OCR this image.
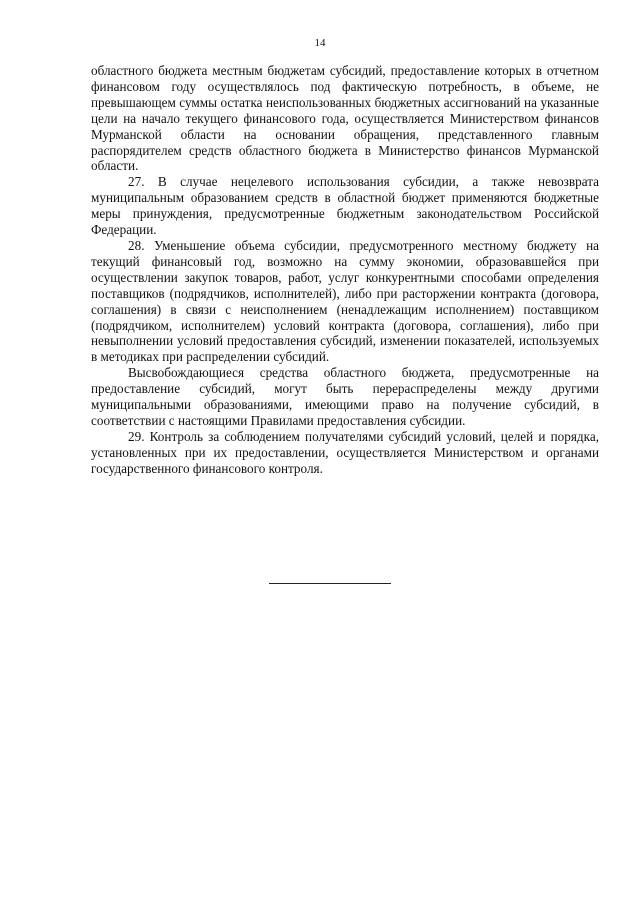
14

областного бюджета местным бюджетам субсидий, предоставление которых в отчетном финансовом году осуществлялось под фактическую потребность, в объеме, не превышающем суммы остатка неиспользованных бюджетных ассигнований на указанные цели на начало текущего финансового года, осуществляется Министерством финансов Мурманской области на основании обращения, представленного главным распорядителем средств областного бюджета в Министерство финансов Мурманской области.

27. В случае нецелевого использования субсидии, а также невозврата муниципальным образованием средств в областной бюджет применяются бюджетные меры принуждения, предусмотренные бюджетным законодательством Российской Федерации.

28. Уменьшение объема субсидии, предусмотренного местному бюджету на текущий финансовый год, возможно на сумму экономии, образовавшейся при осуществлении закупок товаров, работ, услуг конкурентными способами определения поставщиков (подрядчиков, исполнителей), либо при расторжении контракта (договора, соглашения) в связи с неисполнением (ненадлежащим исполнением) поставщиком (подрядчиком, исполнителем) условий контракта (договора, соглашения), либо при невыполнении условий предоставления субсидий, изменении показателей, используемых в методиках при распределении субсидий.

Высвобождающиеся средства областного бюджета, предусмотренные на предоставление субсидий, могут быть перераспределены между другими муниципальными образованиями, имеющими право на получение субсидий, в соответствии с настоящими Правилами предоставления субсидии.

29. Контроль за соблюдением получателями субсидий условий, целей и порядка, установленных при их предоставлении, осуществляется Министерством и органами государственного финансового контроля.
